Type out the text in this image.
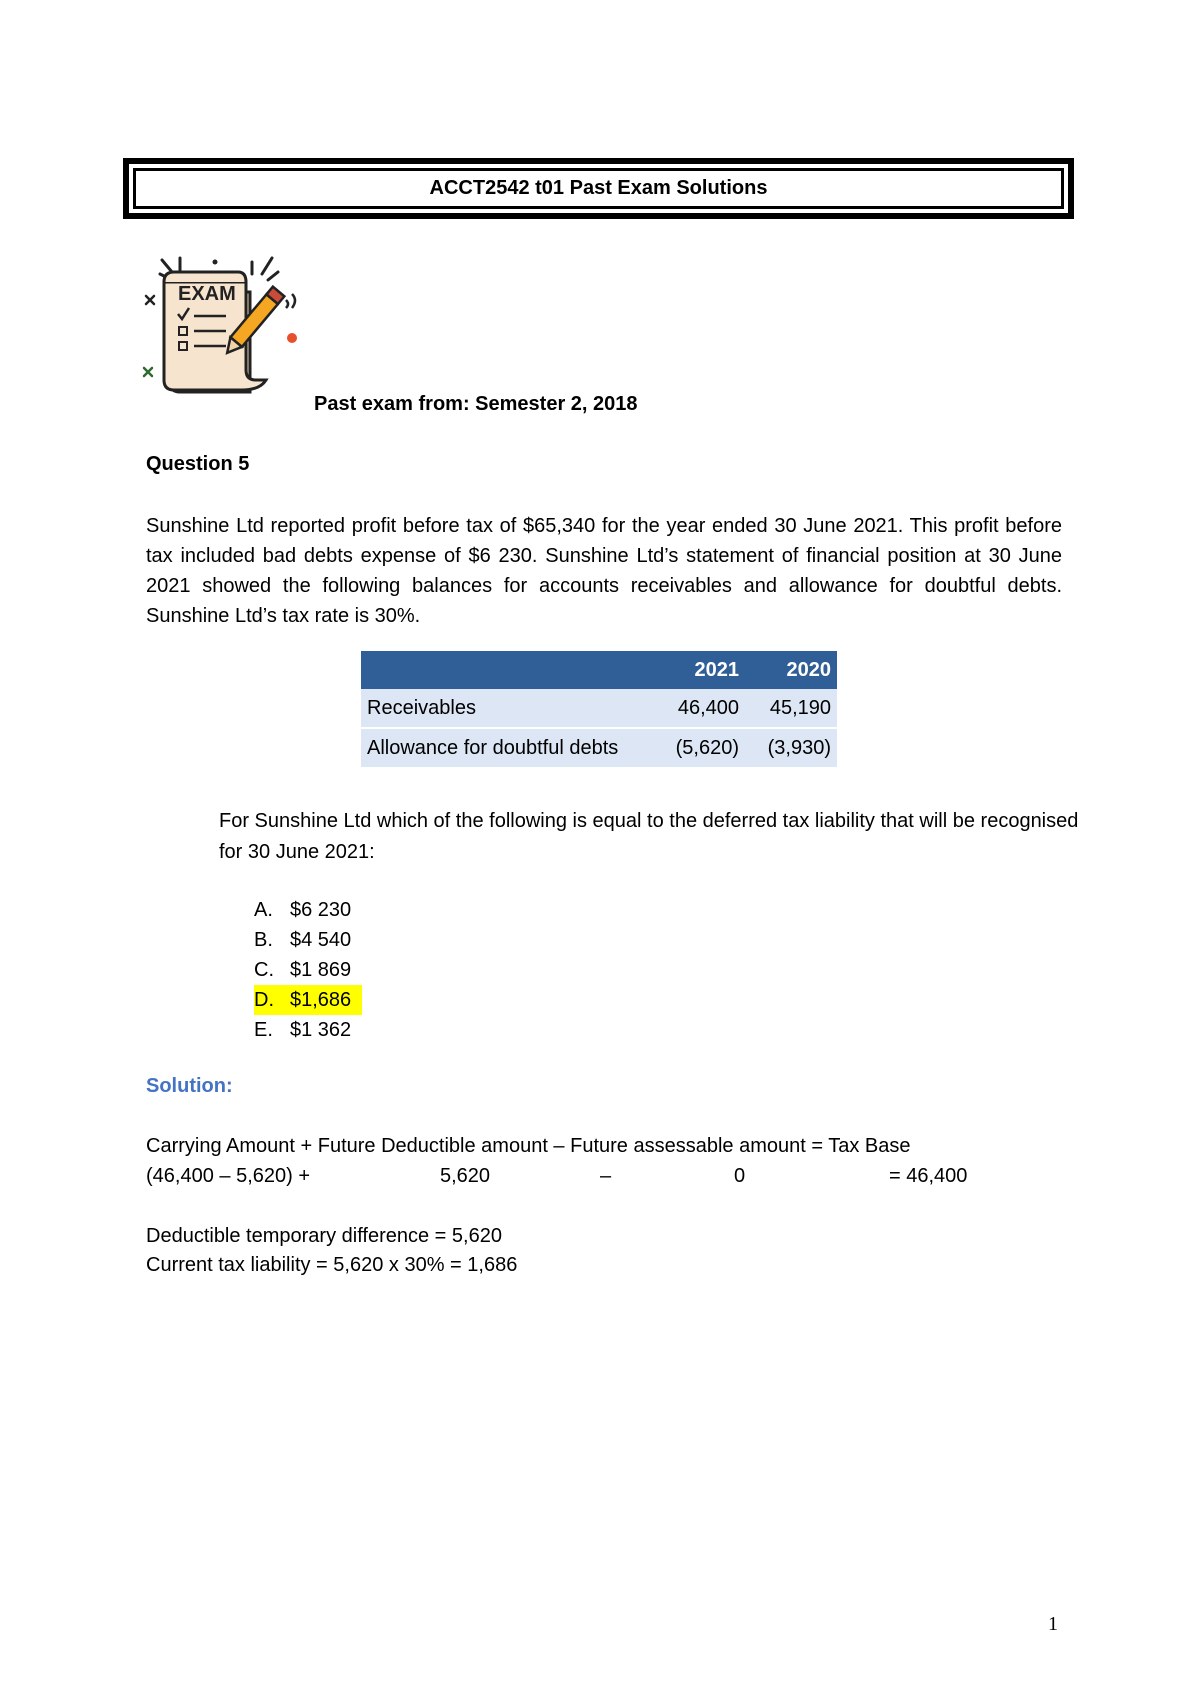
ACCT2542 t01 Past Exam Solutions
EXAM
Past exam from: Semester 2, 2018
Question 5
Sunshine Ltd reported profit before tax of $65,340 for the year ended 30 June 2021. This profit before tax included bad debts expense of $6 230. Sunshine Ltd’s statement of financial position at 30 June 2021 showed the following balances for accounts receivables and allowance for doubtful debts. Sunshine Ltd’s tax rate is 30%.
	2021	2020
Receivables	46,400	45,190
Allowance for doubtful debts	(5,620)	(3,930)
For Sunshine Ltd which of the following is equal to the deferred tax liability that will be recognised for 30 June 2021:
A. $6 230
B. $4 540
C. $1 869
D. $1,686
E. $1 362
Solution:
Carrying Amount + Future Deductible amount – Future assessable amount = Tax Base
(46,400 – 5,620) +	5,620	–	0	= 46,400
Deductible temporary difference = 5,620
Current tax liability = 5,620 x 30% = 1,686
1
